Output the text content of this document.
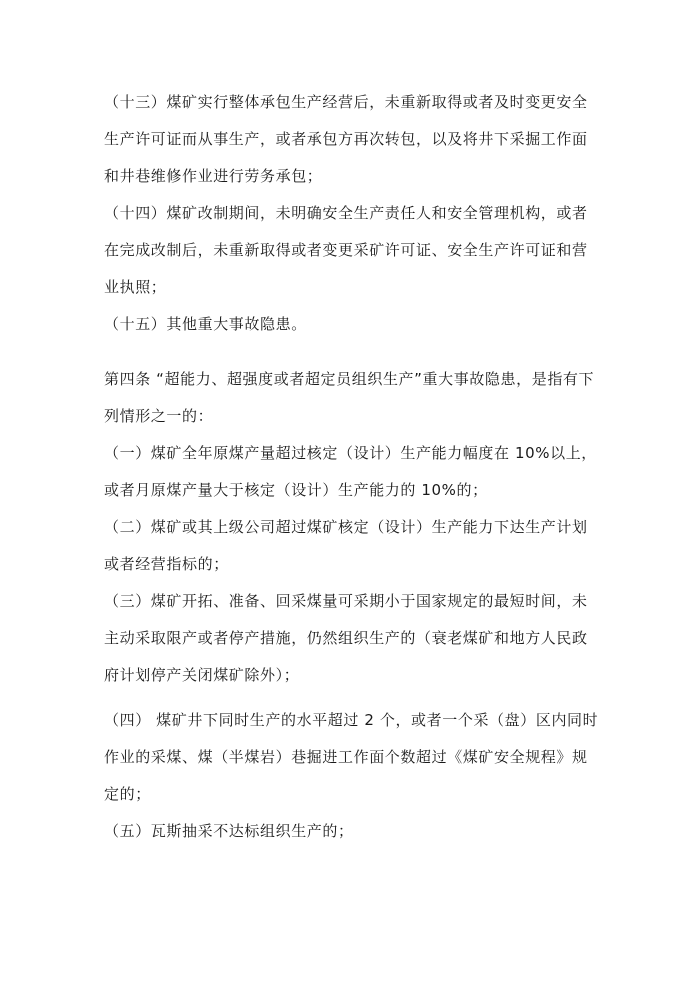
（十三）煤矿实行整体承包生产经营后，未重新取得或者及时变更安全
生产许可证而从事生产，或者承包方再次转包，以及将井下采掘工作面
和井巷维修作业进行劳务承包；

（十四）煤矿改制期间，未明确安全生产责任人和安全管理机构，或者
在完成改制后，未重新取得或者变更采矿许可证、安全生产许可证和营
业执照；

（十五）其他重大事故隐患。

第四条 “超能力、超强度或者超定员组织生产”重大事故隐患，是指有下
列情形之一的：

（一）煤矿全年原煤产量超过核定（设计）生产能力幅度在 10%以上，
或者月原煤产量大于核定（设计）生产能力的 10%的；

（二）煤矿或其上级公司超过煤矿核定（设计）生产能力下达生产计划
或者经营指标的；

（三）煤矿开拓、准备、回采煤量可采期小于国家规定的最短时间，未
主动采取限产或者停产措施，仍然组织生产的（衰老煤矿和地方人民政
府计划停产关闭煤矿除外）；

（四） 煤矿井下同时生产的水平超过 2 个，或者一个采（盘）区内同时
作业的采煤、煤（半煤岩）巷掘进工作面个数超过《煤矿安全规程》规
定的；

（五）瓦斯抽采不达标组织生产的；
